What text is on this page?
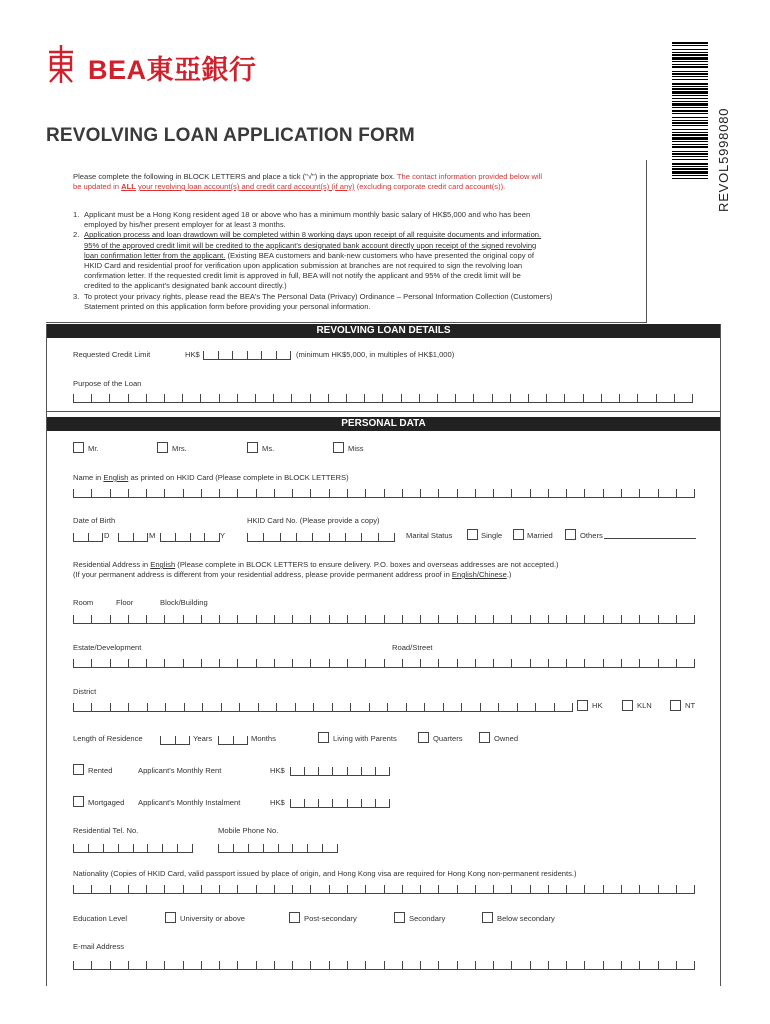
BEA東亞銀行
REVOL5998080
REVOLVING LOAN APPLICATION FORM
Please complete the following in BLOCK LETTERS and place a tick ("√") in the appropriate box. The contact information provided below will
be updated in ALL your revolving loan account(s) and credit card account(s) (if any) (excluding corporate credit card account(s)).
1. Applicant must be a Hong Kong resident aged 18 or above who has a minimum monthly basic salary of HK$5,000 and who has been
employed by his/her present employer for at least 3 months.
2. Application process and loan drawdown will be completed within 8 working days upon receipt of all requisite documents and information.
95% of the approved credit limit will be credited to the applicant's designated bank account directly upon receipt of the signed revolving
loan confirmation letter from the applicant. (Existing BEA customers and bank-new customers who have presented the original copy of
HKID Card and residential proof for verification upon application submission at branches are not required to sign the revolving loan
confirmation letter. If the requested credit limit is approved in full, BEA will not notify the applicant and 95% of the credit limit will be
credited to the applicant's designated bank account directly.)
3. To protect your privacy rights, please read the BEA's The Personal Data (Privacy) Ordinance – Personal Information Collection (Customers)
Statement printed on this application form before providing your personal information.
REVOLVING LOAN DETAILS
PERSONAL DATA
Requested Credit Limit	HK$	(minimum HK$5,000, in multiples of HK$1,000)
Purpose of the Loan
Mr.	Mrs.	Ms.	Miss
Date of Birth
D	M	Y
HKID Card No. (Please provide a copy)
Marital Status	Single	Married	Others
Room	Floor	Block/Building
Estate/Development	Road/Street
District
HK	KLN	NT
Length of Residence	Years	Months	Living with Parents	Quarters	Owned
Rented	Applicant's Monthly Rent	HK$
Mortgaged Applicant's Monthly Instalment	HK$
Residential Tel. No.	Mobile Phone No.
Nationality (Copies of HKID Card, valid passport issued by place of origin, and Hong Kong visa are required for Hong Kong non-permanent residents.)
Education Level	University or above	Post-secondary	Secondary	Below secondary
E-mail Address
Name in English as printed on HKID Card (Please complete in BLOCK LETTERS)
Residential Address in English (Please complete in BLOCK LETTERS to ensure delivery. P.O. boxes and overseas addresses are not accepted.)
(If your permanent address is different from your residential address, please provide permanent address proof in English/Chinese.)
